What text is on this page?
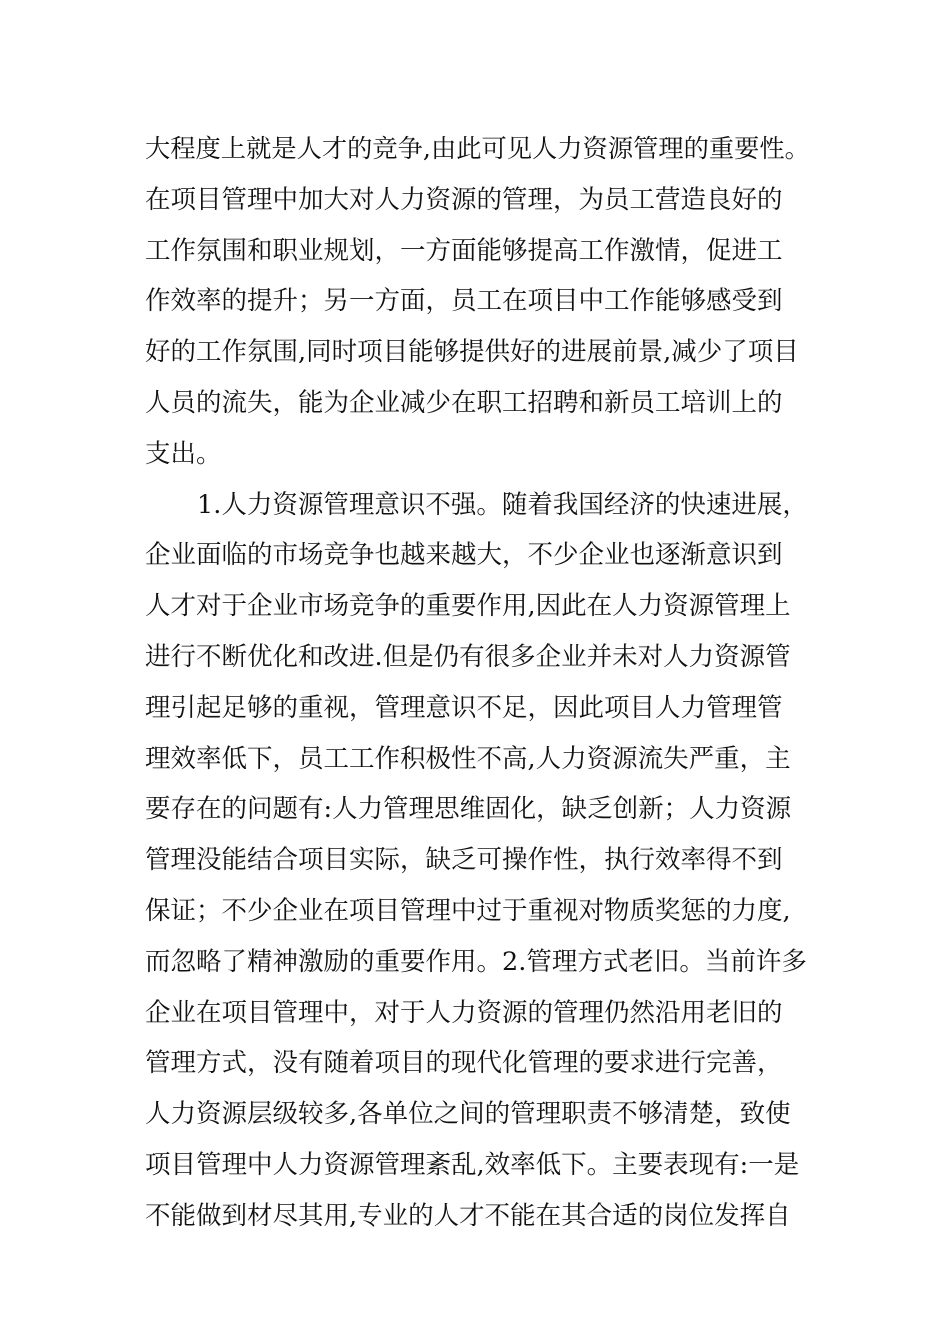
大程度上就是人才的竞争,由此可见人力资源管理的重要性。
在项目管理中加大对人力资源的管理，为员工营造良好的
工作氛围和职业规划，一方面能够提高工作激情，促进工
作效率的提升；另一方面，员工在项目中工作能够感受到
好的工作氛围,同时项目能够提供好的进展前景,减少了项目
人员的流失，能为企业减少在职工招聘和新员工培训上的
支出。
1.人力资源管理意识不强。随着我国经济的快速进展，
企业面临的市场竞争也越来越大，不少企业也逐渐意识到
人才对于企业市场竞争的重要作用,因此在人力资源管理上
进行不断优化和改进.但是仍有很多企业并未对人力资源管
理引起足够的重视，管理意识不足，因此项目人力管理管
理效率低下，员工工作积极性不高,人力资源流失严重，主
要存在的问题有:人力管理思维固化，缺乏创新；人力资源
管理没能结合项目实际，缺乏可操作性，执行效率得不到
保证；不少企业在项目管理中过于重视对物质奖惩的力度,
而忽略了精神激励的重要作用。2.管理方式老旧。当前许多
企业在项目管理中，对于人力资源的管理仍然沿用老旧的
管理方式，没有随着项目的现代化管理的要求进行完善，
人力资源层级较多,各单位之间的管理职责不够清楚，致使
项目管理中人力资源管理紊乱,效率低下。主要表现有:一是
不能做到材尽其用,专业的人才不能在其合适的岗位发挥自
